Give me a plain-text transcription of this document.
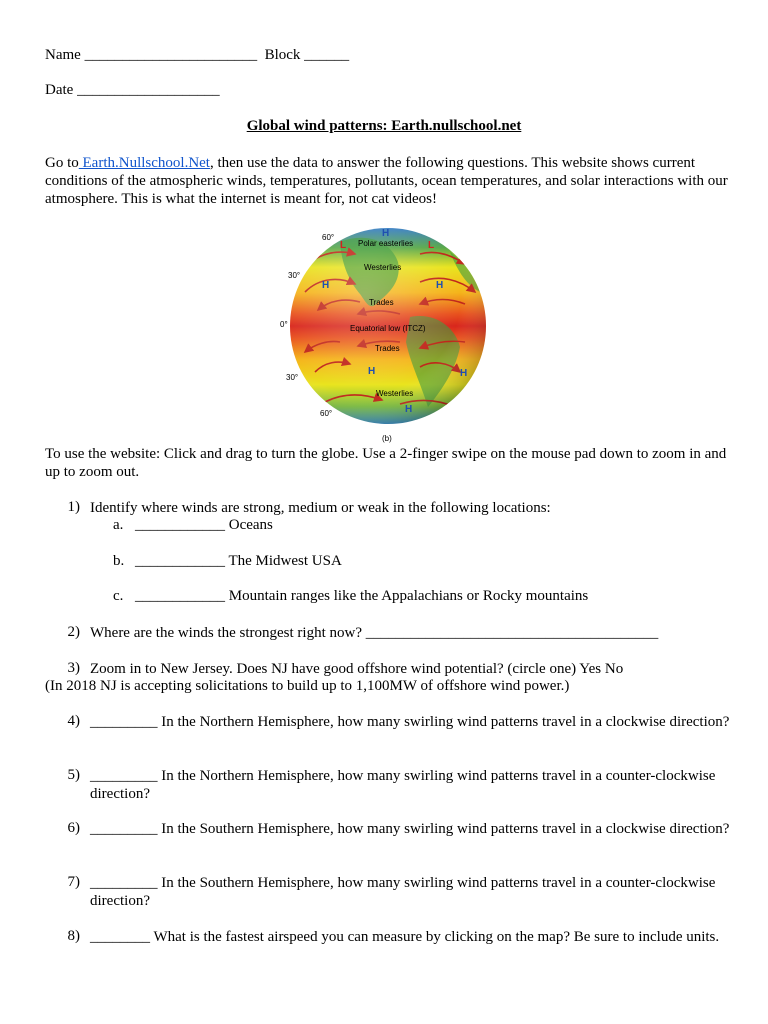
Name _______________________ Block ______
Date ___________________
Global wind patterns: Earth.nullschool.net
Go to Earth.Nullschool.Net, then use the data to answer the following questions. This website shows current conditions of the atmospheric winds, temperatures, pollutants, ocean temperatures, and solar interactions with our atmosphere. This is what the internet is meant for, not cat videos!
60°
30°
0°
30°
60°
Polar easterlies
Westerlies
Trades
Equatorial low (ITCZ)
Trades
Westerlies
H
L	L
H	H
H	H
H
(b)
To use the website: Click and drag to turn the globe. Use a 2-finger swipe on the mouse pad down to zoom in and up to zoom out.
1) Identify where winds are strong, medium or weak in the following locations:
a. ____________ Oceans
b. ____________ The Midwest USA
c. ____________ Mountain ranges like the Appalachians or Rocky mountains
2) Where are the winds the strongest right now? _______________________________________
3) Zoom in to New Jersey. Does NJ have good offshore wind potential? (circle one) Yes No
(In 2018 NJ is accepting solicitations to build up to 1,100MW of offshore wind power.)
4) _________ In the Northern Hemisphere, how many swirling wind patterns travel in a clockwise direction?
5) _________ In the Northern Hemisphere, how many swirling wind patterns travel in a counter-clockwise direction?
6) _________ In the Southern Hemisphere, how many swirling wind patterns travel in a clockwise direction?
7) _________ In the Southern Hemisphere, how many swirling wind patterns travel in a counter-clockwise direction?
8) ________ What is the fastest airspeed you can measure by clicking on the map? Be sure to include units.
